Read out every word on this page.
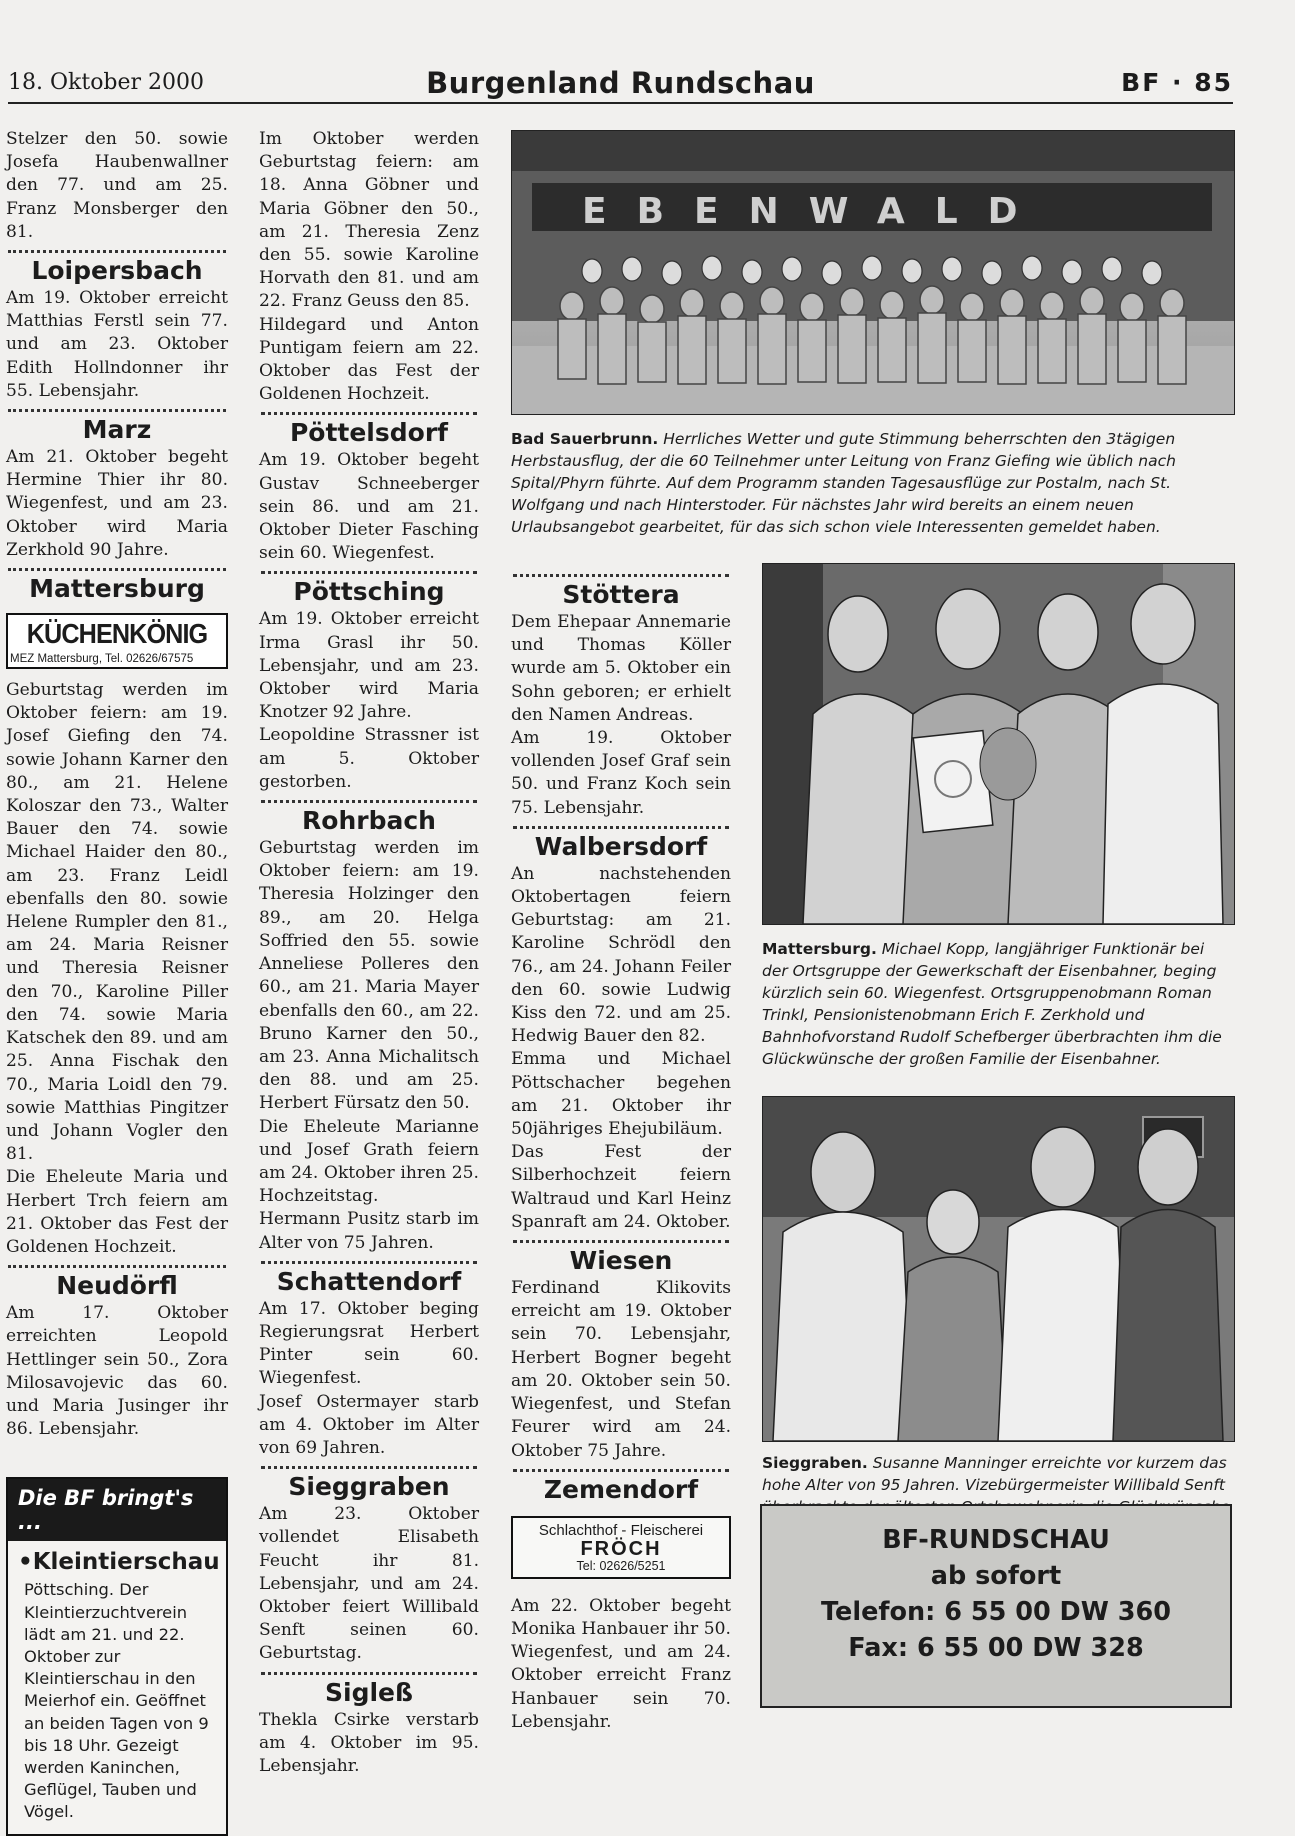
18. Oktober 2000	Burgenland Rundschau	BF · 85
Stelzer den 50. sowie Josefa Haubenwallner den 77. und am 25. Franz Monsberger den 81.
Loipersbach
Am 19. Oktober erreicht Matthias Ferstl sein 77. und am 23. Oktober Edith Hollndonner ihr 55. Lebensjahr.
Marz
Am 21. Oktober begeht Hermine Thier ihr 80. Wiegenfest, und am 23. Oktober wird Maria Zerkhold 90 Jahre.
Mattersburg
KÜCHENKÖNIG
MEZ Mattersburg, Tel. 02626/67575
Geburtstag werden im Oktober feiern: am 19. Josef Giefing den 74. sowie Johann Karner den 80., am 21. Helene Koloszar den 73., Walter Bauer den 74. sowie Michael Haider den 80., am 23. Franz Leidl ebenfalls den 80. sowie Helene Rumpler den 81., am 24. Maria Reisner und Theresia Reisner den 70., Karoline Piller den 74. sowie Maria Katschek den 89. und am 25. Anna Fischak den 70., Maria Loidl den 79. sowie Matthias Pingitzer und Johann Vogler den 81.
Die Eheleute Maria und Herbert Trch feiern am 21. Oktober das Fest der Goldenen Hochzeit.
Neudörfl
Am 17. Oktober erreichten Leopold Hettlinger sein 50., Zora Milosavojevic das 60. und Maria Jusinger ihr 86. Lebensjahr.
Die BF bringt's ...
•Kleintierschau
Pöttsching. Der Kleintierzuchtverein lädt am 21. und 22. Oktober zur Kleintierschau in den Meierhof ein. Geöffnet an beiden Tagen von 9 bis 18 Uhr. Gezeigt werden Kaninchen, Geflügel, Tauben und Vögel.
Im Oktober werden Geburtstag feiern: am 18. Anna Göbner und Maria Göbner den 50., am 21. Theresia Zenz den 55. sowie Karoline Horvath den 81. und am 22. Franz Geuss den 85.
Hildegard und Anton Puntigam feiern am 22. Oktober das Fest der Goldenen Hochzeit.
Pöttelsdorf
Am 19. Oktober begeht Gustav Schneeberger sein 86. und am 21. Oktober Dieter Fasching sein 60. Wiegenfest.
Pöttsching
Am 19. Oktober erreicht Irma Grasl ihr 50. Lebensjahr, und am 23. Oktober wird Maria Knotzer 92 Jahre.
Leopoldine Strassner ist am 5. Oktober gestorben.
Rohrbach
Geburtstag werden im Oktober feiern: am 19. Theresia Holzinger den 89., am 20. Helga Soffried den 55. sowie Anneliese Polleres den 60., am 21. Maria Mayer ebenfalls den 60., am 22. Bruno Karner den 50., am 23. Anna Michalitsch den 88. und am 25. Herbert Fürsatz den 50.
Die Eheleute Marianne und Josef Grath feiern am 24. Oktober ihren 25. Hochzeitstag.
Hermann Pusitz starb im Alter von 75 Jahren.
Schattendorf
Am 17. Oktober beging Regierungsrat Herbert Pinter sein 60. Wiegenfest.
Josef Ostermayer starb am 4. Oktober im Alter von 69 Jahren.
Sieggraben
Am 23. Oktober vollendet Elisabeth Feucht ihr 81. Lebensjahr, und am 24. Oktober feiert Willibald Senft seinen 60. Geburtstag.
Sigleß
Thekla Csirke verstarb am 4. Oktober im 95. Lebensjahr.
EBENWALD
Bad Sauerbrunn. Herrliches Wetter und gute Stimmung beherrschten den 3tägigen Herbstausflug, der die 60 Teilnehmer unter Leitung von Franz Giefing wie üblich nach Spital/Phyrn führte. Auf dem Programm standen Tagesausflüge zur Postalm, nach St. Wolfgang und nach Hinterstoder. Für nächstes Jahr wird bereits an einem neuen Urlaubsangebot gearbeitet, für das sich schon viele Interessenten gemeldet haben.
Stöttera
Dem Ehepaar Annemarie und Thomas Köller wurde am 5. Oktober ein Sohn geboren; er erhielt den Namen Andreas.
Am 19. Oktober vollenden Josef Graf sein 50. und Franz Koch sein 75. Lebensjahr.
Walbersdorf
An nachstehenden Oktobertagen feiern Geburtstag: am 21. Karoline Schrödl den 76., am 24. Johann Feiler den 60. sowie Ludwig Kiss den 72. und am 25. Hedwig Bauer den 82.
Emma und Michael Pöttschacher begehen am 21. Oktober ihr 50jähriges Ehejubiläum.
Das Fest der Silberhochzeit feiern Waltraud und Karl Heinz Spanraft am 24. Oktober.
Wiesen
Ferdinand Klikovits erreicht am 19. Oktober sein 70. Lebensjahr, Herbert Bogner begeht am 20. Oktober sein 50. Wiegenfest, und Stefan Feurer wird am 24. Oktober 75 Jahre.
Zemendorf
Schlachthof - Fleischerei
FRÖCH
Tel: 02626/5251
Am 22. Oktober begeht Monika Hanbauer ihr 50. Wiegenfest, und am 24. Oktober erreicht Franz Hanbauer sein 70. Lebensjahr.
Mattersburg. Michael Kopp, langjähriger Funktionär bei der Ortsgruppe der Gewerkschaft der Eisenbahner, beging kürzlich sein 60. Wiegenfest. Ortsgruppenobmann Roman Trinkl, Pensionistenobmann Erich F. Zerkhold und Bahnhofvorstand Rudolf Schefberger überbrachten ihm die Glückwünsche der großen Familie der Eisenbahner.
Sieggraben. Susanne Manninger erreichte vor kurzem das hohe Alter von 95 Jahren. Vizebürgermeister Willibald Senft
BF-RUNDSCHAU
ab sofort
Telefon: 6 55 00 DW 360
Fax: 6 55 00 DW 328
